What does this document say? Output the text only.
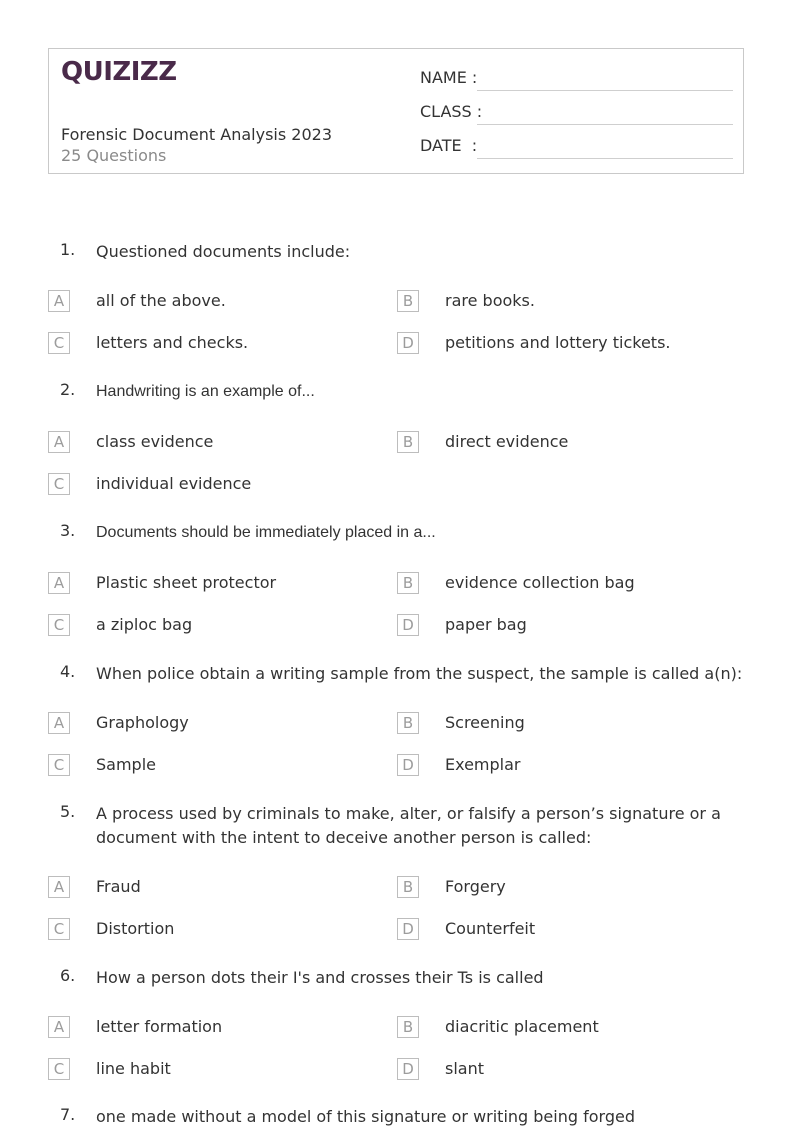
QUIZIZZ
Forensic Document Analysis 2023
25 Questions
NAME :
CLASS :
DATE  :
1. Questioned documents include:
A	all of the above.	B	rare books.
C	letters and checks.	D	petitions and lottery tickets.
2. Handwriting is an example of...
A	class evidence	B	direct evidence
C	individual evidence
3. Documents should be immediately placed in a...
A	Plastic sheet protector	B	evidence collection bag
C	a ziploc bag	D	paper bag
4. When police obtain a writing sample from the suspect, the sample is called a(n):
A	Graphology	B	Screening
C	Sample	D	Exemplar
5. A process used by criminals to make, alter, or falsify a person’s signature or a document with the intent to deceive another person is called:
A	Fraud	B	Forgery
C	Distortion	D	Counterfeit
6. How a person dots their I's and crosses their Ts is called
A	letter formation	B	diacritic placement
C	line habit	D	slant
7. one made without a model of this signature or writing being forged
